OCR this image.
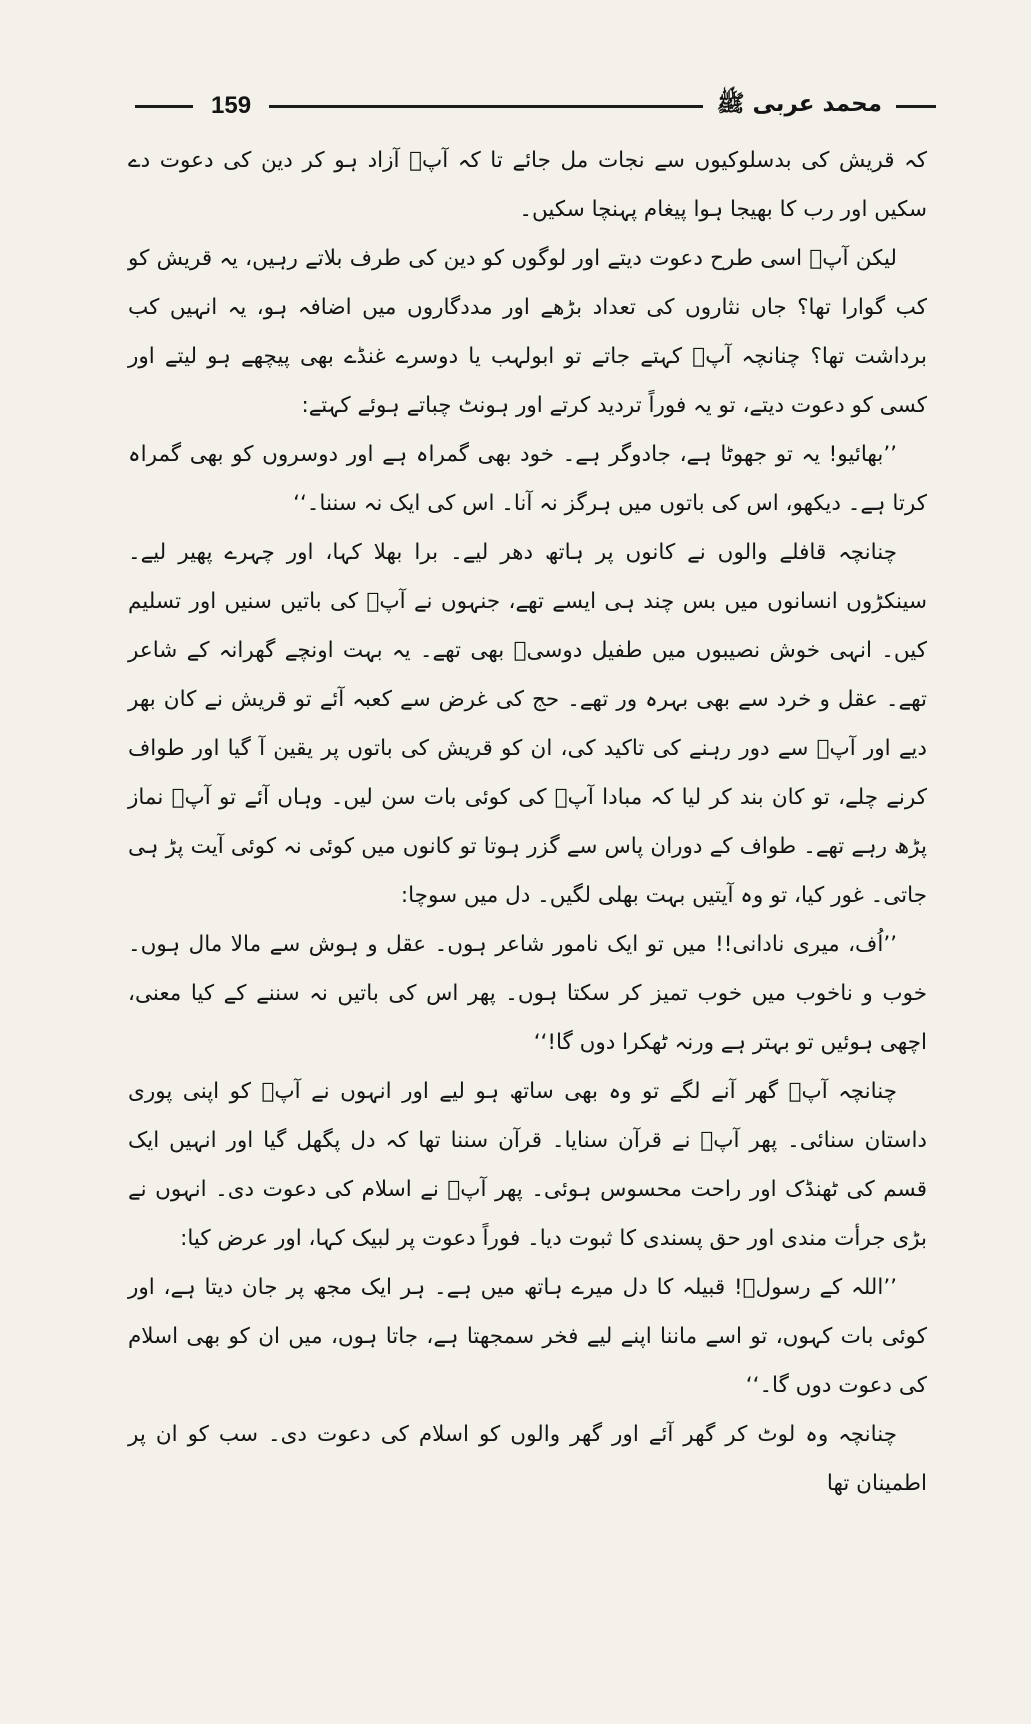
159	محمد عربی ﷺ

کہ قریش کی بدسلوکیوں سے نجات مل جائے تا کہ آپؐ آزاد ہو کر دین کی دعوت دے سکیں اور رب کا بھیجا ہوا پیغام پہنچا سکیں۔

لیکن آپؐ اسی طرح دعوت دیتے اور لوگوں کو دین کی طرف بلاتے رہیں، یہ قریش کو کب گوارا تھا؟ جاں نثاروں کی تعداد بڑھے اور مددگاروں میں اضافہ ہو، یہ انہیں کب برداشت تھا؟ چنانچہ آپؐ کہتے جاتے تو ابولہب یا دوسرے غنڈے بھی پیچھے ہو لیتے اور کسی کو دعوت دیتے، تو یہ فوراً تردید کرتے اور ہونٹ چباتے ہوئے کہتے:

’’بھائیو! یہ تو جھوٹا ہے، جادوگر ہے۔ خود بھی گمراہ ہے اور دوسروں کو بھی گمراہ کرتا ہے۔ دیکھو، اس کی باتوں میں ہرگز نہ آنا۔ اس کی ایک نہ سننا۔‘‘

چنانچہ قافلے والوں نے کانوں پر ہاتھ دھر لیے۔ برا بھلا کہا، اور چہرے پھیر لیے۔ سینکڑوں انسانوں میں بس چند ہی ایسے تھے، جنہوں نے آپؐ کی باتیں سنیں اور تسلیم کیں۔ انہی خوش نصیبوں میں طفیل دوسیؓ بھی تھے۔ یہ بہت اونچے گھرانہ کے شاعر تھے۔ عقل و خرد سے بھی بہرہ ور تھے۔ حج کی غرض سے کعبہ آئے تو قریش نے کان بھر دیے اور آپؐ سے دور رہنے کی تاکید کی، ان کو قریش کی باتوں پر یقین آ گیا اور طواف کرنے چلے، تو کان بند کر لیا کہ مبادا آپؐ کی کوئی بات سن لیں۔ وہاں آئے تو آپؐ نماز پڑھ رہے تھے۔ طواف کے دوران پاس سے گزر ہوتا تو کانوں میں کوئی نہ کوئی آیت پڑ ہی جاتی۔ غور کیا، تو وہ آیتیں بہت بھلی لگیں۔ دل میں سوچا:

’’اُف، میری نادانی!! میں تو ایک نامور شاعر ہوں۔ عقل و ہوش سے مالا مال ہوں۔ خوب و ناخوب میں خوب تمیز کر سکتا ہوں۔ پھر اس کی باتیں نہ سننے کے کیا معنی، اچھی ہوئیں تو بہتر ہے ورنہ ٹھکرا دوں گا!‘‘

چنانچہ آپؐ گھر آنے لگے تو وہ بھی ساتھ ہو لیے اور انہوں نے آپؐ کو اپنی پوری داستان سنائی۔ پھر آپؐ نے قرآن سنایا۔ قرآن سننا تھا کہ دل پگھل گیا اور انہیں ایک قسم کی ٹھنڈک اور راحت محسوس ہوئی۔ پھر آپؐ نے اسلام کی دعوت دی۔ انہوں نے بڑی جرأت مندی اور حق پسندی کا ثبوت دیا۔ فوراً دعوت پر لبیک کہا، اور عرض کیا:

’’اللہ کے رسولؐ! قبیلہ کا دل میرے ہاتھ میں ہے۔ ہر ایک مجھ پر جان دیتا ہے، اور کوئی بات کہوں، تو اسے ماننا اپنے لیے فخر سمجھتا ہے، جاتا ہوں، میں ان کو بھی اسلام کی دعوت دوں گا۔‘‘

چنانچہ وہ لوٹ کر گھر آئے اور گھر والوں کو اسلام کی دعوت دی۔ سب کو ان پر اطمینان تھا
